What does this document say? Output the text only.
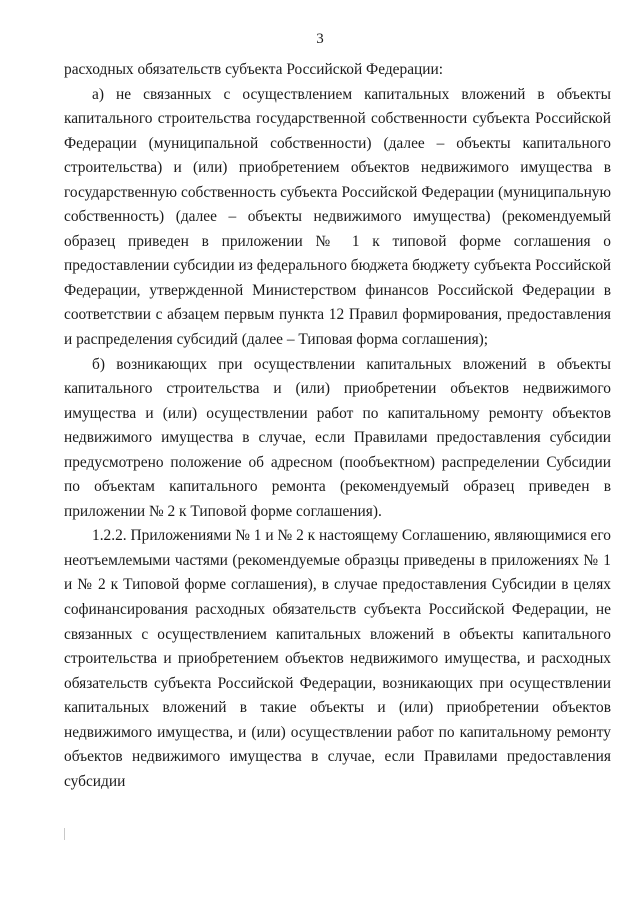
3

расходных обязательств субъекта Российской Федерации:

а) не связанных с осуществлением капитальных вложений в объекты капитального строительства государственной собственности субъекта Российской Федерации (муниципальной собственности) (далее – объекты капитального строительства) и (или) приобретением объектов недвижимого имущества в государственную собственность субъекта Российской Федерации (муниципальную собственность) (далее – объекты недвижимого имущества) (рекомендуемый образец приведен в приложении № 1 к типовой форме соглашения о предоставлении субсидии из федерального бюджета бюджету субъекта Российской Федерации, утвержденной Министерством финансов Российской Федерации в соответствии с абзацем первым пункта 12 Правил формирования, предоставления и распределения субсидий (далее – Типовая форма соглашения);

б) возникающих при осуществлении капитальных вложений в объекты капитального строительства и (или) приобретении объектов недвижимого имущества и (или) осуществлении работ по капитальному ремонту объектов недвижимого имущества в случае, если Правилами предоставления субсидии предусмотрено положение об адресном (пообъектном) распределении Субсидии по объектам капитального ремонта (рекомендуемый образец приведен в приложении № 2 к Типовой форме соглашения).

1.2.2. Приложениями № 1 и № 2 к настоящему Соглашению, являющимися его неотъемлемыми частями (рекомендуемые образцы приведены в приложениях № 1 и № 2 к Типовой форме соглашения), в случае предоставления Субсидии в целях софинансирования расходных обязательств субъекта Российской Федерации, не связанных с осуществлением капитальных вложений в объекты капитального строительства и приобретением объектов недвижимого имущества, и расходных обязательств субъекта Российской Федерации, возникающих при осуществлении капитальных вложений в такие объекты и (или) приобретении объектов недвижимого имущества, и (или) осуществлении работ по капитальному ремонту объектов недвижимого имущества в случае, если Правилами предоставления субсидии
